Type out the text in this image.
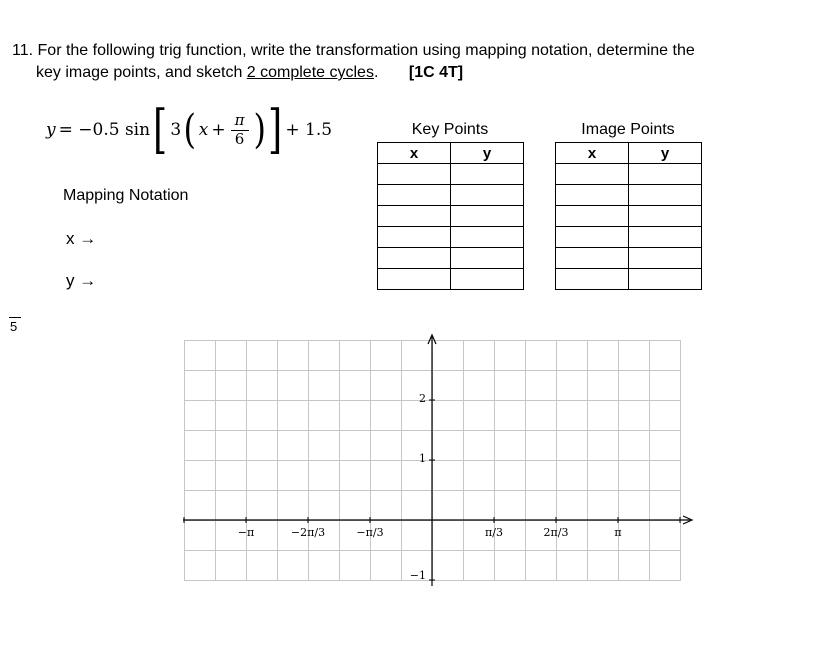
11. For the following trig function, write the transformation using mapping notation, determine the
key image points, and sketch 2 complete cycles. [1C 4T]
y = −0.5 sin [ 3 ( $x + \frac{\pi}{6}$ ) ] + 1.5
Mapping Notation
x →
y →
Key Points
x	y

Image Points
x	y

5
−π	−2π/3	−π/3	π/3	2π/3	π
2
1
−1
